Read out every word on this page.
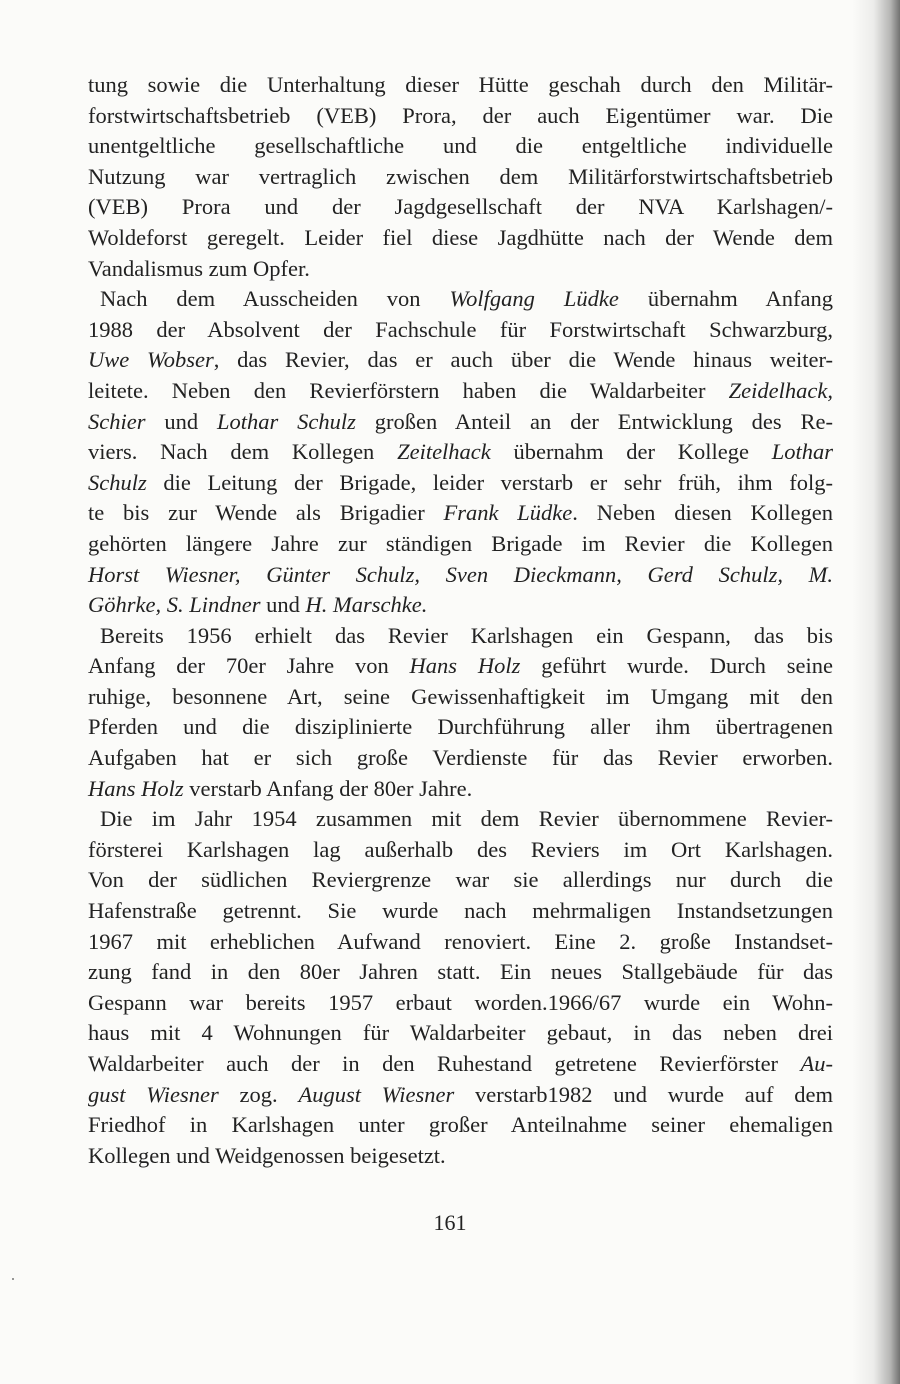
tung sowie die Unterhaltung dieser Hütte geschah durch den Militär-
forstwirtschaftsbetrieb (VEB) Prora, der auch Eigentümer war. Die
unentgeltliche gesellschaftliche und die entgeltliche individuelle
Nutzung war vertraglich zwischen dem Militärforstwirtschaftsbetrieb
(VEB) Prora und der Jagdgesellschaft der NVA Karlshagen/-
Woldeforst geregelt. Leider fiel diese Jagdhütte nach der Wende dem
Vandalismus zum Opfer.
Nach dem Ausscheiden von Wolfgang Lüdke übernahm Anfang
1988 der Absolvent der Fachschule für Forstwirtschaft Schwarzburg,
Uwe Wobser, das Revier, das er auch über die Wende hinaus weiter-
leitete. Neben den Revierförstern haben die Waldarbeiter Zeidelhack,
Schier und Lothar Schulz großen Anteil an der Entwicklung des Re-
viers. Nach dem Kollegen Zeitelhack übernahm der Kollege Lothar
Schulz die Leitung der Brigade, leider verstarb er sehr früh, ihm folg-
te bis zur Wende als Brigadier Frank Lüdke. Neben diesen Kollegen
gehörten längere Jahre zur ständigen Brigade im Revier die Kollegen
Horst Wiesner, Günter Schulz, Sven Dieckmann, Gerd Schulz, M.
Göhrke, S. Lindner und H. Marschke.
Bereits 1956 erhielt das Revier Karlshagen ein Gespann, das bis
Anfang der 70er Jahre von Hans Holz geführt wurde. Durch seine
ruhige, besonnene Art, seine Gewissenhaftigkeit im Umgang mit den
Pferden und die disziplinierte Durchführung aller ihm übertragenen
Aufgaben hat er sich große Verdienste für das Revier erworben.
Hans Holz verstarb Anfang der 80er Jahre.
Die im Jahr 1954 zusammen mit dem Revier übernommene Revier-
försterei Karlshagen lag außerhalb des Reviers im Ort Karlshagen.
Von der südlichen Reviergrenze war sie allerdings nur durch die
Hafenstraße getrennt. Sie wurde nach mehrmaligen Instandsetzungen
1967 mit erheblichen Aufwand renoviert. Eine 2. große Instandset-
zung fand in den 80er Jahren statt. Ein neues Stallgebäude für das
Gespann war bereits 1957 erbaut worden.1966/67 wurde ein Wohn-
haus mit 4 Wohnungen für Waldarbeiter gebaut, in das neben drei
Waldarbeiter auch der in den Ruhestand getretene Revierförster Au-
gust Wiesner zog. August Wiesner verstarb1982 und wurde auf dem
Friedhof in Karlshagen unter großer Anteilnahme seiner ehemaligen
Kollegen und Weidgenossen beigesetzt.
161
